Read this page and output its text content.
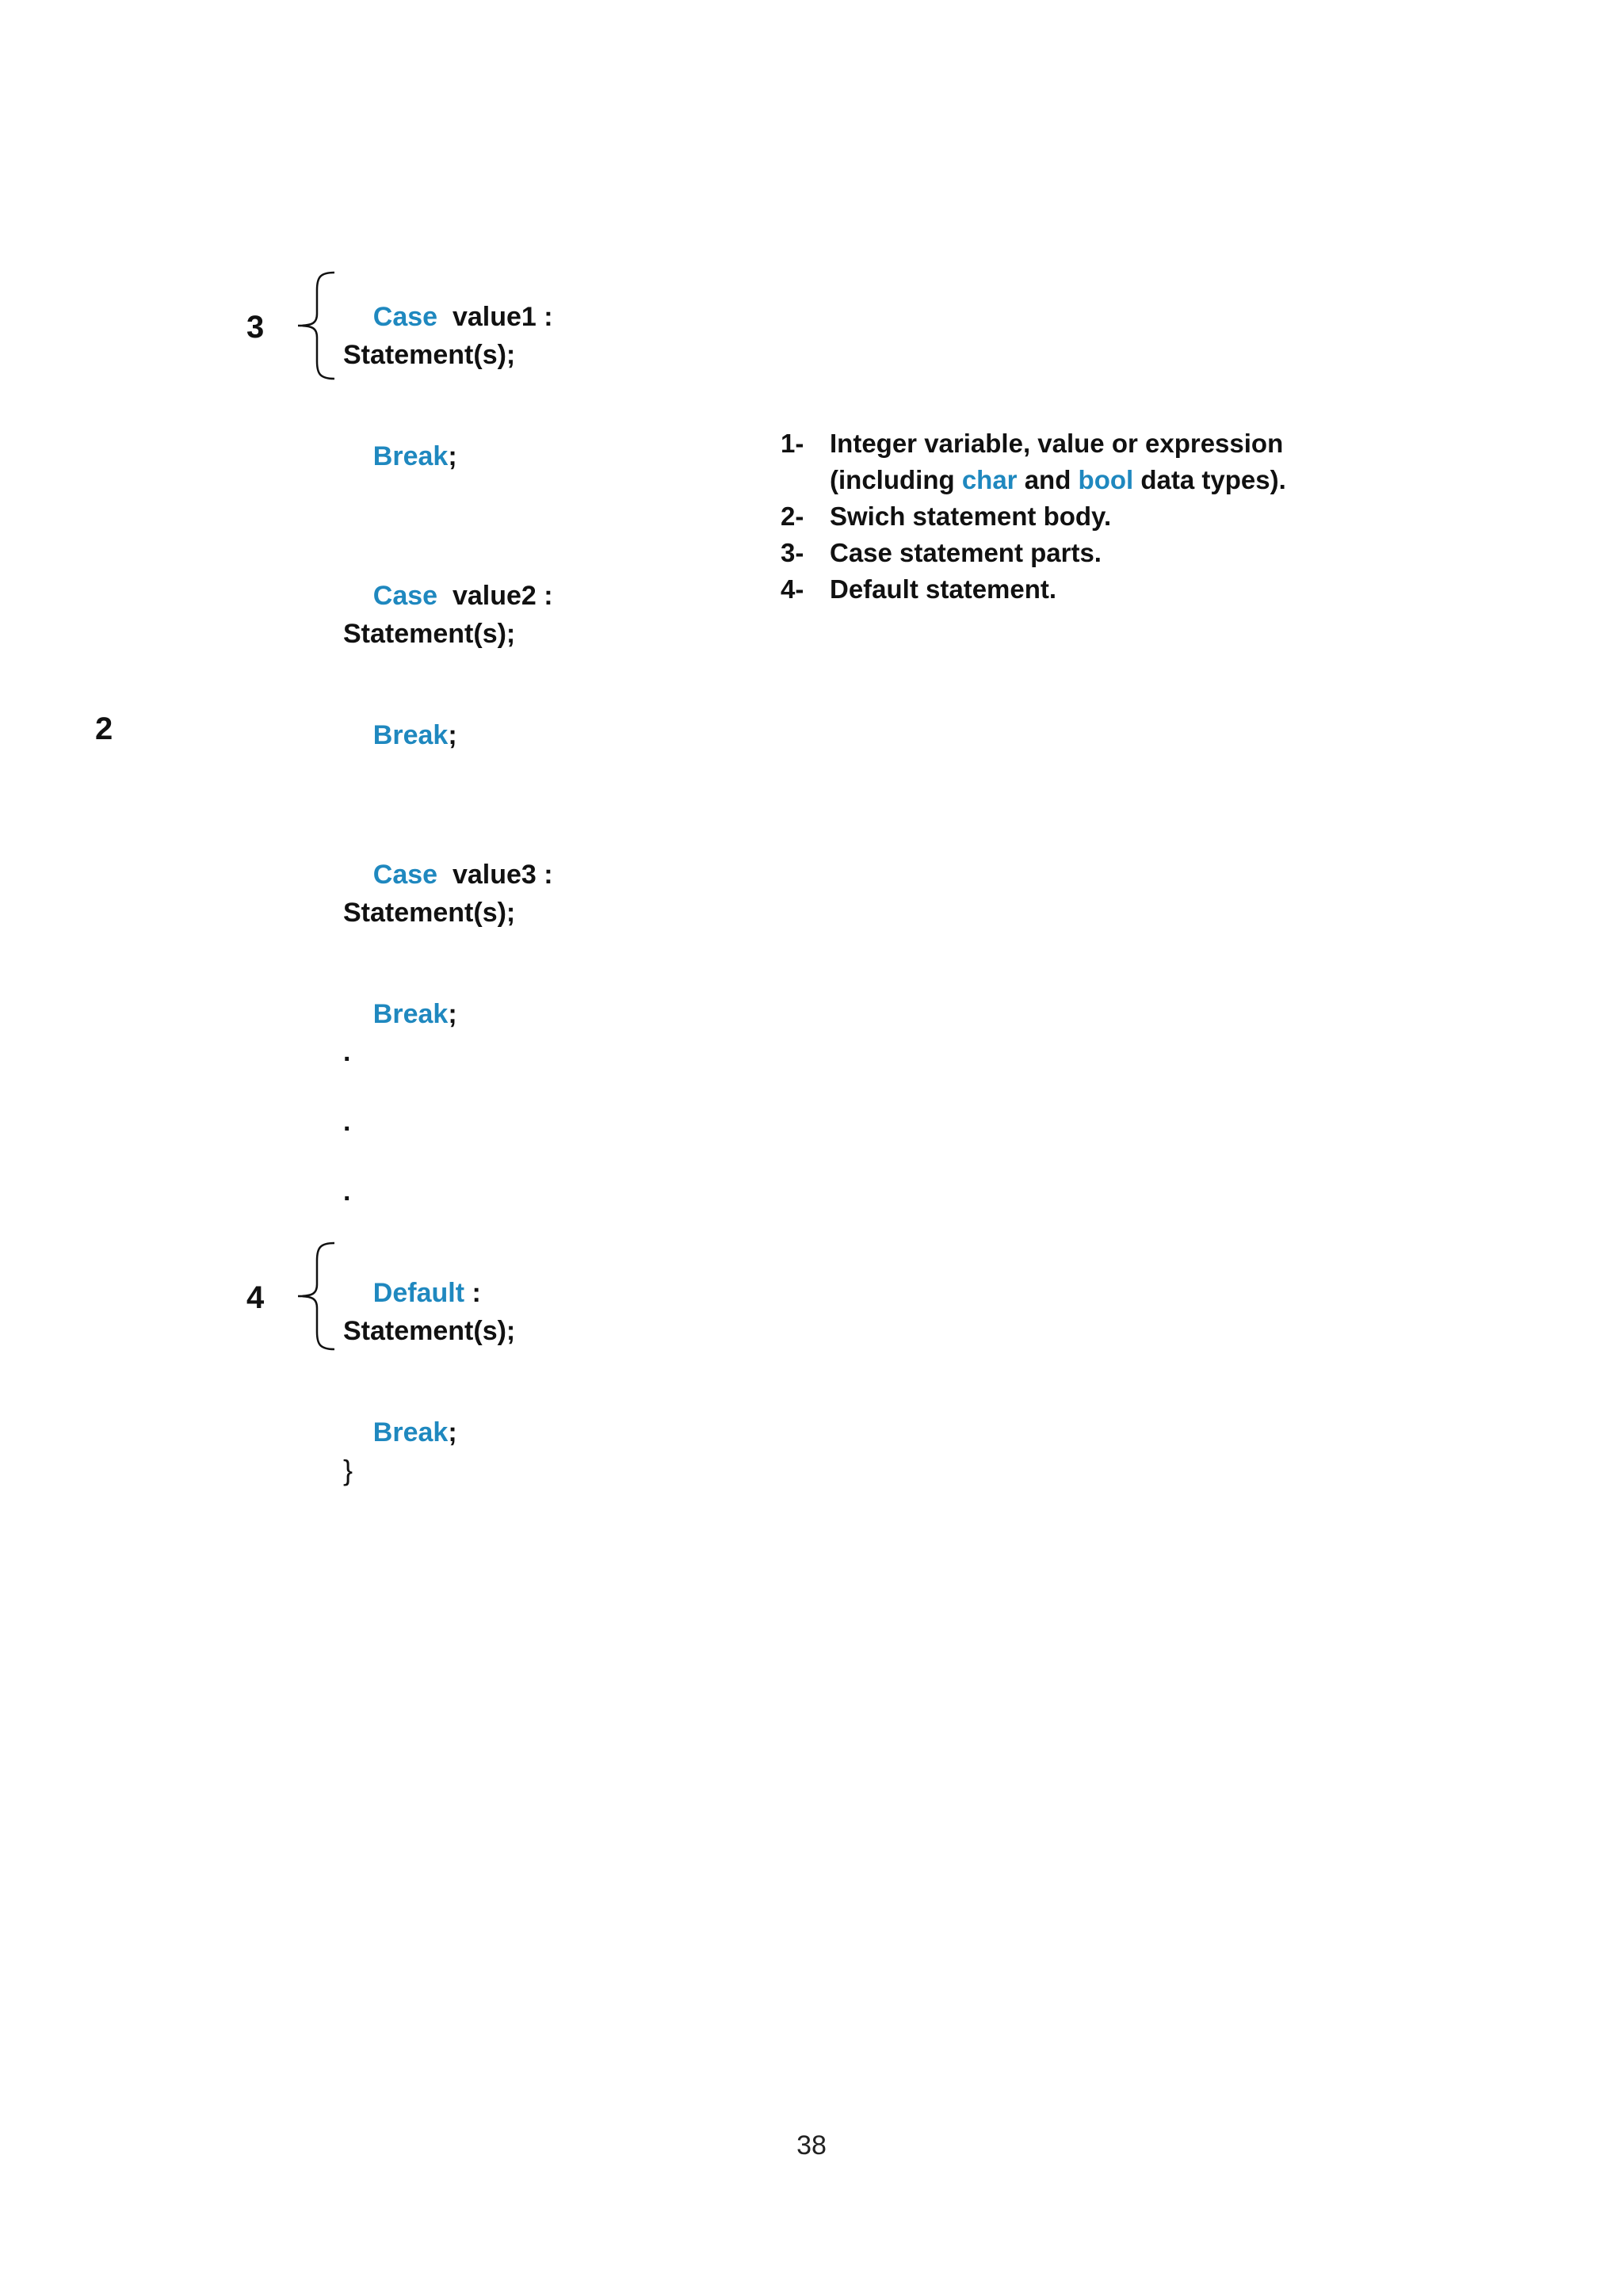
Case value1 :

Statement(s);

Break;

Case value2 :

Statement(s);

Break;

Case value3 :

Statement(s);

Break;

.
.
.

Default :

Statement(s);

Break;

}
3
2
4
1- Integer variable, value or expression
(including char and bool data types).
2- Swich statement body.
3- Case statement parts.
4- Default statement.
38
